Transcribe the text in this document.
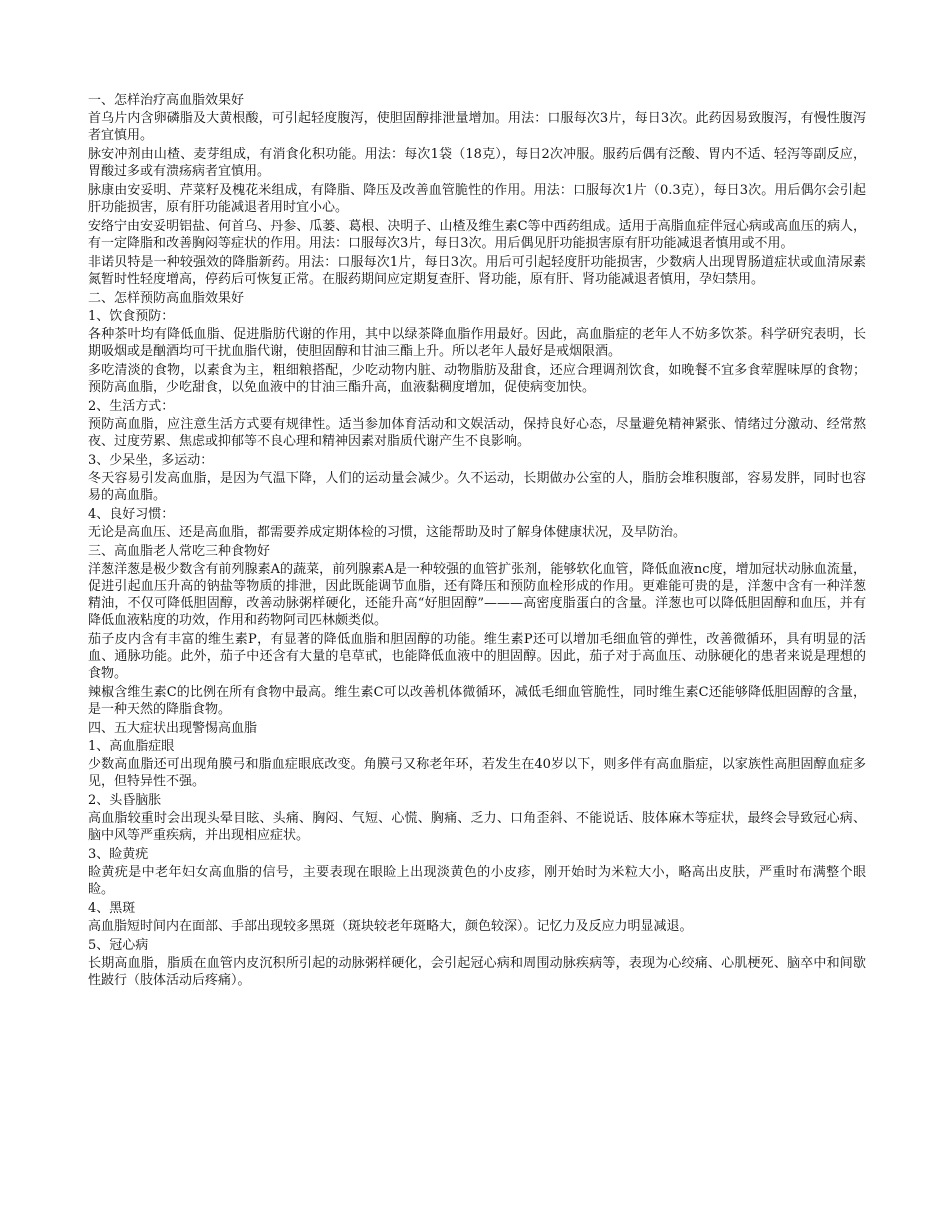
一、怎样治疗高血脂效果好

首乌片内含卵磷脂及大黄根酸，可引起轻度腹泻，使胆固醇排泄量增加。用法：口服每次3片，每日3次。此药因易致腹泻，有慢性腹泻者宜慎用。

脉安冲剂由山楂、麦芽组成，有消食化积功能。用法：每次1袋（18克），每日2次冲服。服药后偶有泛酸、胃内不适、轻泻等副反应，胃酸过多或有溃疡病者宜慎用。

脉康由安妥明、芹菜籽及槐花米组成，有降脂、降压及改善血管脆性的作用。用法：口服每次1片（0.3克），每日3次。用后偶尔会引起肝功能损害，原有肝功能减退者用时宜小心。

安络宁由安妥明铝盐、何首乌、丹参、瓜蒌、葛根、决明子、山楂及维生素C等中西药组成。适用于高脂血症伴冠心病或高血压的病人，有一定降脂和改善胸闷等症状的作用。用法：口服每次3片，每日3次。用后偶见肝功能损害原有肝功能减退者慎用或不用。

非诺贝特是一种较强效的降脂新药。用法：口服每次1片，每日3次。用后可引起轻度肝功能损害，少数病人出现胃肠道症状或血清尿素氮暂时性轻度增高，停药后可恢复正常。在服药期间应定期复查肝、肾功能，原有肝、肾功能减退者慎用，孕妇禁用。

二、怎样预防高血脂效果好

1、饮食预防：

各种茶叶均有降低血脂、促进脂肪代谢的作用，其中以绿茶降血脂作用最好。因此，高血脂症的老年人不妨多饮茶。科学研究表明，长期吸烟或是酗酒均可干扰血脂代谢，使胆固醇和甘油三酯上升。所以老年人最好是戒烟限酒。

多吃清淡的食物，以素食为主，粗细粮搭配，少吃动物内脏、动物脂肪及甜食，还应合理调剂饮食，如晚餐不宜多食荤腥味厚的食物；预防高血脂，少吃甜食，以免血液中的甘油三酯升高，血液黏稠度增加，促使病变加快。

2、生活方式：

预防高血脂，应注意生活方式要有规律性。适当参加体育活动和文娱活动，保持良好心态，尽量避免精神紧张、情绪过分激动、经常熬夜、过度劳累、焦虑或抑郁等不良心理和精神因素对脂质代谢产生不良影响。

3、少呆坐，多运动：

冬天容易引发高血脂，是因为气温下降，人们的运动量会减少。久不运动，长期做办公室的人，脂肪会堆积腹部，容易发胖，同时也容易的高血脂。

4、良好习惯：

无论是高血压、还是高血脂，都需要养成定期体检的习惯，这能帮助及时了解身体健康状况，及早防治。

三、高血脂老人常吃三种食物好

洋葱洋葱是极少数含有前列腺素A的蔬菜，前列腺素A是一种较强的血管扩张剂，能够软化血管，降低血液nc度，增加冠状动脉血流量，促进引起血压升高的钠盐等物质的排泄，因此既能调节血脂，还有降压和预防血栓形成的作用。更难能可贵的是，洋葱中含有一种洋葱精油，不仅可降低胆固醇，改善动脉粥样硬化，还能升高“好胆固醇”———高密度脂蛋白的含量。洋葱也可以降低胆固醇和血压，并有降低血液粘度的功效，作用和药物阿司匹林颇类似。

茄子皮内含有丰富的维生素P，有显著的降低血脂和胆固醇的功能。维生素P还可以增加毛细血管的弹性，改善微循环，具有明显的活血、通脉功能。此外，茄子中还含有大量的皂草甙，也能降低血液中的胆固醇。因此，茄子对于高血压、动脉硬化的患者来说是理想的食物。

辣椒含维生素C的比例在所有食物中最高。维生素C可以改善机体微循环，减低毛细血管脆性，同时维生素C还能够降低胆固醇的含量，是一种天然的降脂食物。

四、五大症状出现警惕高血脂

1、高血脂症眼

少数高血脂还可出现角膜弓和脂血症眼底改变。角膜弓又称老年环，若发生在40岁以下，则多伴有高血脂症，以家族性高胆固醇血症多见，但特异性不强。

2、头昏脑胀

高血脂较重时会出现头晕目眩、头痛、胸闷、气短、心慌、胸痛、乏力、口角歪斜、不能说话、肢体麻木等症状，最终会导致冠心病、脑中风等严重疾病，并出现相应症状。

3、睑黄疣

睑黄疣是中老年妇女高血脂的信号，主要表现在眼睑上出现淡黄色的小皮疹，刚开始时为米粒大小，略高出皮肤，严重时布满整个眼睑。

4、黑斑

高血脂短时间内在面部、手部出现较多黑斑（斑块较老年斑略大，颜色较深）。记忆力及反应力明显减退。

5、冠心病

长期高血脂，脂质在血管内皮沉积所引起的动脉粥样硬化，会引起冠心病和周围动脉疾病等，表现为心绞痛、心肌梗死、脑卒中和间歇性跛行（肢体活动后疼痛）。
